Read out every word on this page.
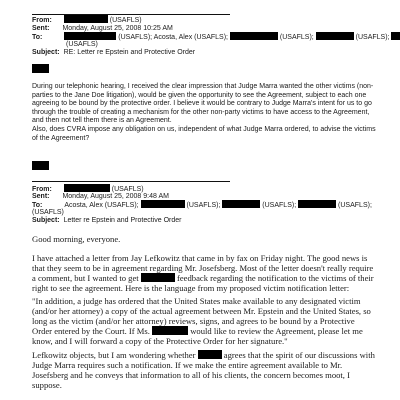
From:	(USAFLS)
Sent: Monday, August 25, 2008 10:25 AM
To:	(USAFLS); Acosta, Alex (USAFLS);	(USAFLS);	(USAFLS);
(USAFLS)
Subject: RE: Letter re Epstein and Protective Order
During our telephonic hearing, I received the clear impression that Judge Marra wanted the other victims (non-parties to the Jane Doe litigation), would be given the opportunity to see the Agreement, subject to each one agreeing to be bound by the protective order. I believe it would be contrary to Judge Marra's intent for us to go through the trouble of creating a mechanism for the other non-party victims to have access to the Agreement, and then not tell them there is an Agreement.
Also, does CVRA impose any obligation on us, independent of what Judge Marra ordered, to advise the victims of the Agreement?
From:	(USAFLS)
Sent: Monday, August 25, 2008 9:48 AM
To:	Acosta, Alex (USAFLS);	(USAFLS);	(USAFLS);	(USAFLS);
(USAFLS)
Subject: Letter re Epstein and Protective Order
Good morning, everyone.
I have attached a letter from Jay Lefkowitz that came in by fax on Friday night. The good news is that they seem to be in agreement regarding Mr. Josefsberg. Most of the letter doesn't really require a comment, but I wanted to get	feedback regarding the notification to the victims of their right to see the agreement. Here is the language from my proposed victim notification letter:
"In addition, a judge has ordered that the United States make available to any designated victim (and/or her attorney) a copy of the actual agreement between Mr. Epstein and the United States, so long as the victim (and/or her attorney) reviews, signs, and agrees to be bound by a Protective Order entered by the Court. If Ms.	would like to review the Agreement, please let me know, and I will forward a copy of the Protective Order for her signature."
Lefkowitz objects, but I am wondering whether	agrees that the spirit of our discussions with Judge Marra requires such a notification. If we make the entire agreement available to Mr. Josefsberg and he conveys that information to all of his clients, the concern becomes moot, I suppose.
